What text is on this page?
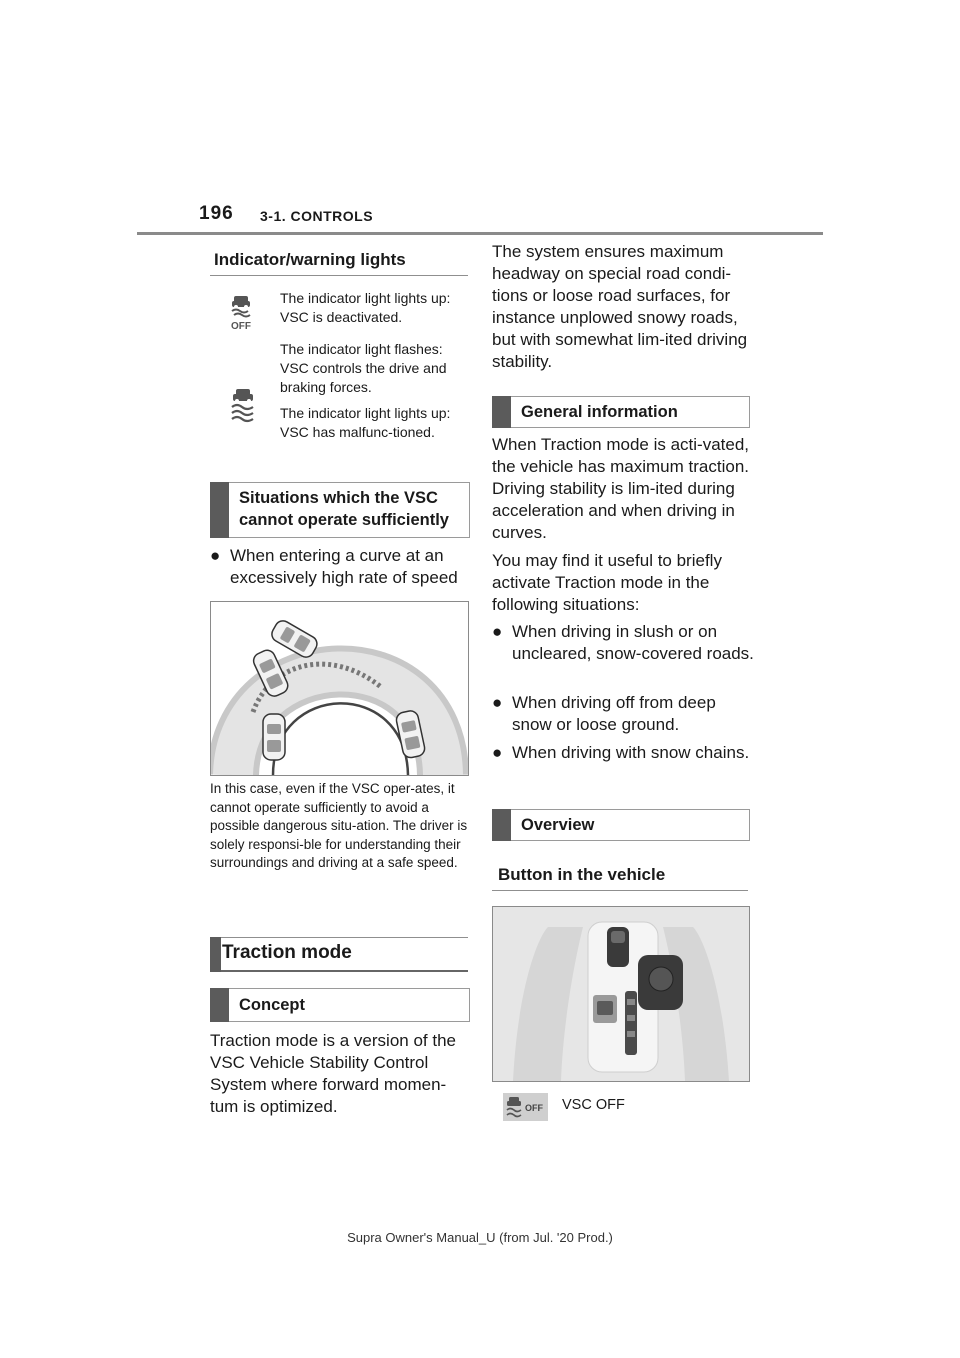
196 3-1. CONTROLS
Indicator/warning lights
OFF
The indicator light lights up: VSC is deactivated.
The indicator light flashes: VSC controls the drive and braking forces.
The indicator light lights up: VSC has malfunc-tioned.
Situations which the VSC cannot operate sufficiently
● When entering a curve at an excessively high rate of speed
In this case, even if the VSC oper-ates, it cannot operate sufficiently to avoid a possible dangerous situ-ation. The driver is solely responsi-ble for understanding their surroundings and driving at a safe speed.
Traction mode
Concept
Traction mode is a version of the VSC Vehicle Stability Control System where forward momen-tum is optimized.
The system ensures maximum headway on special road condi-tions or loose road surfaces, for instance unplowed snowy roads, but with somewhat lim-ited driving stability.
General information
When Traction mode is acti-vated, the vehicle has maximum traction. Driving stability is lim-ited during acceleration and when driving in curves.
You may find it useful to briefly activate Traction mode in the following situations:
● When driving in slush or on uncleared, snow-covered roads.
● When driving off from deep snow or loose ground.
● When driving with snow chains.
Overview
Button in the vehicle
OFF VSC OFF
Supra Owner's Manual_U (from Jul. '20 Prod.)
